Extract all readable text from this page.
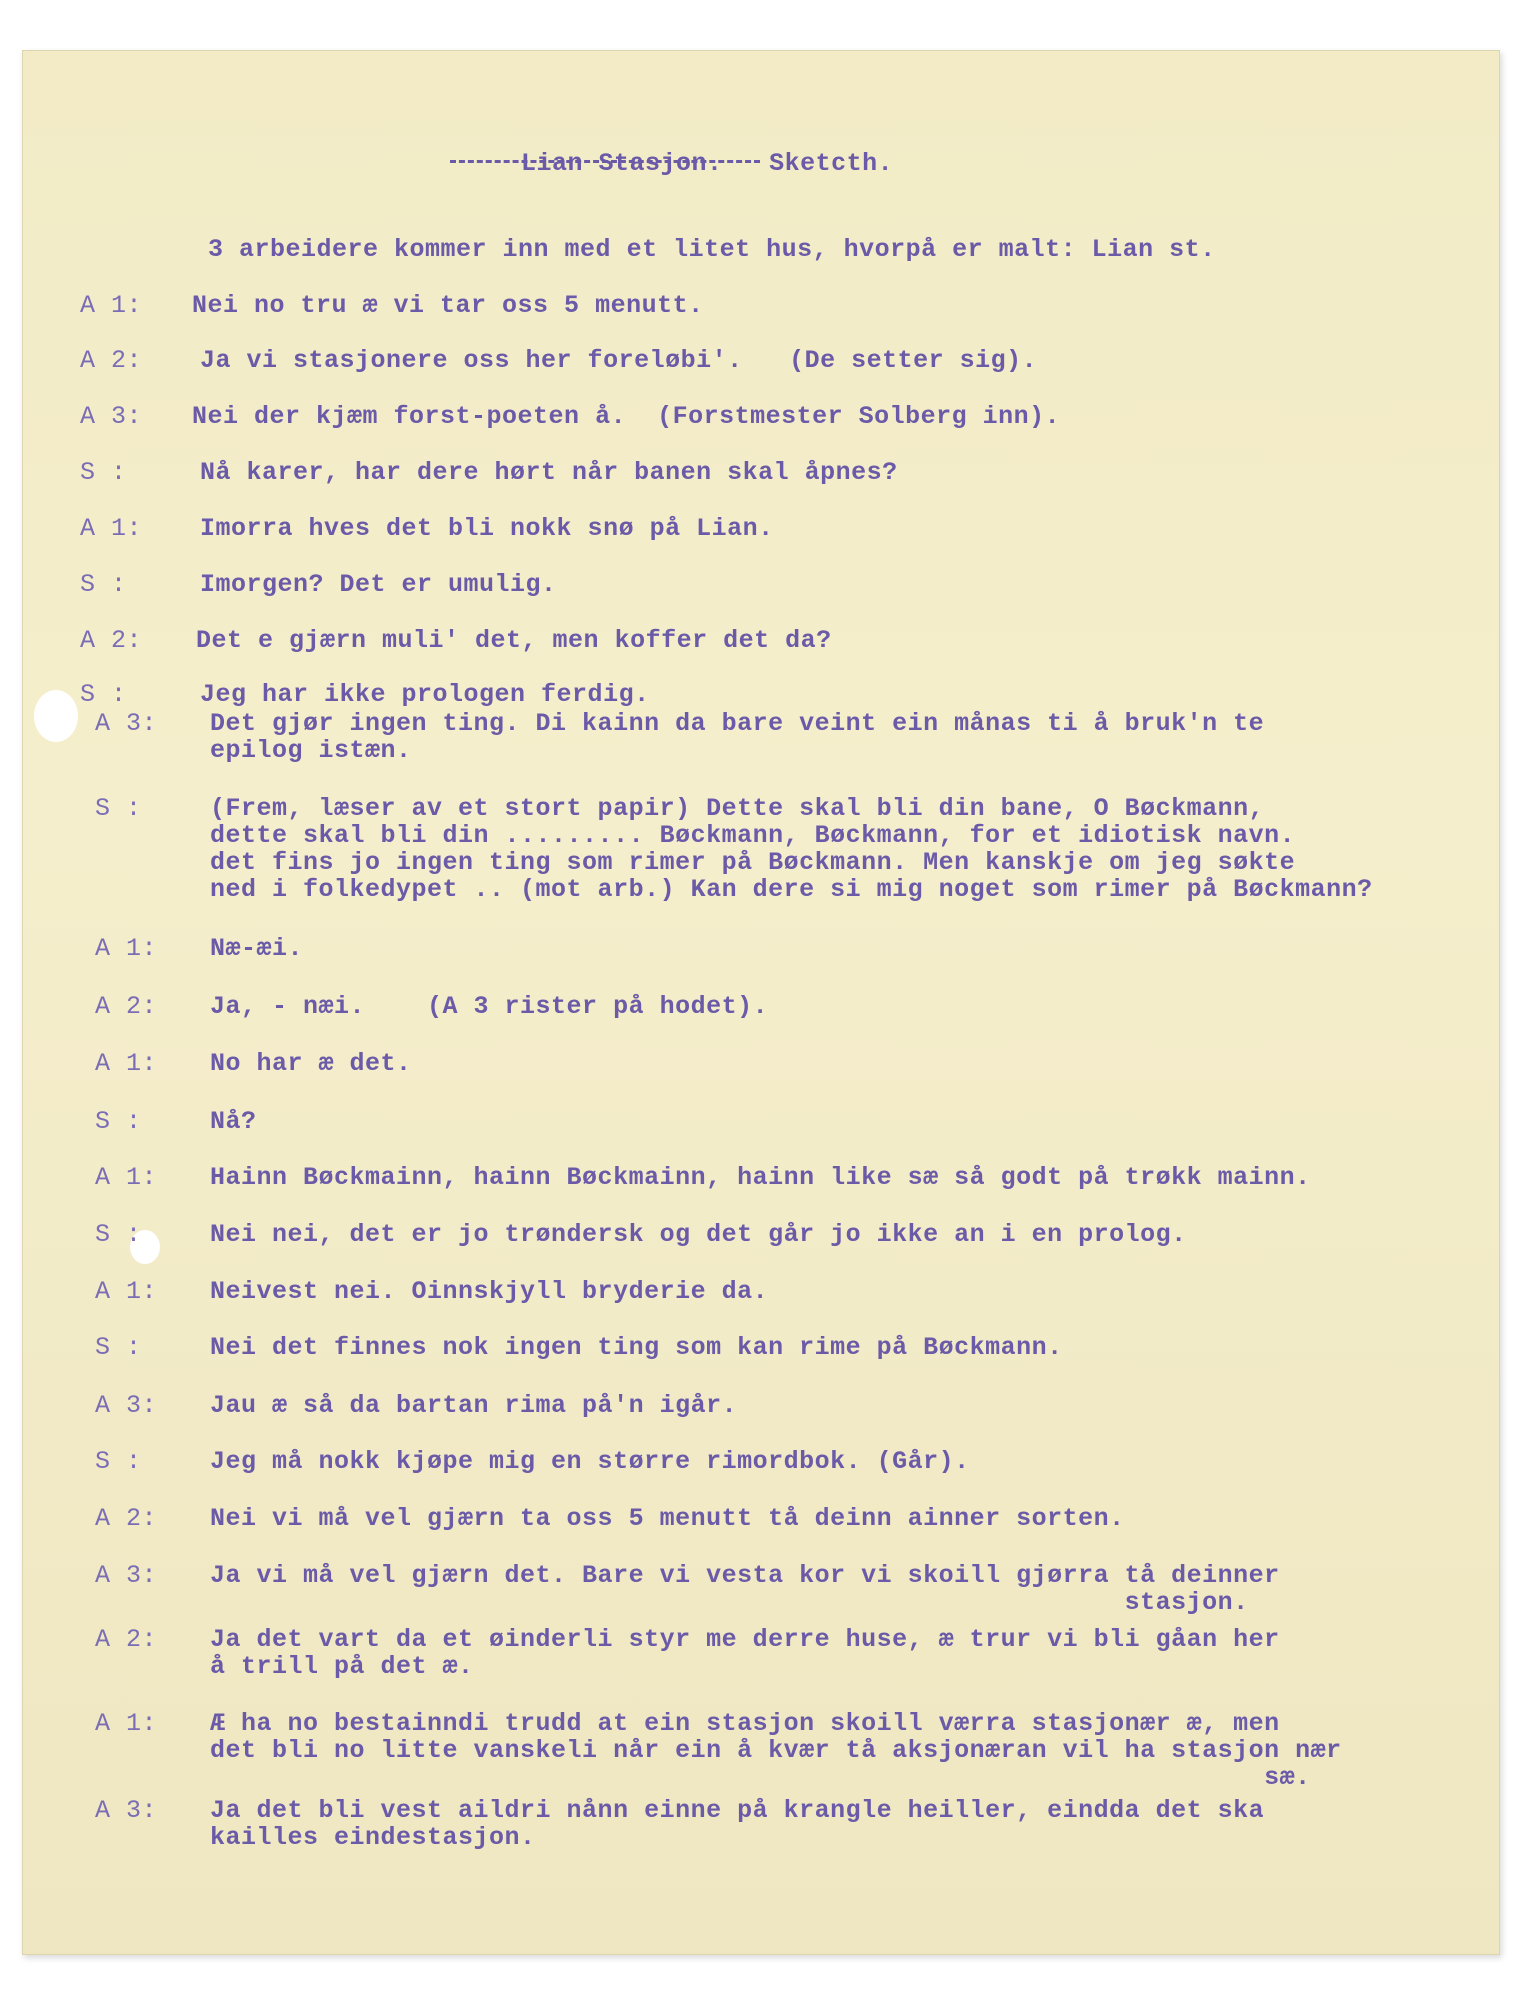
Lian Stasjon. Sketcth.

3 arbeidere kommer inn med et litet hus, hvorpå er malt: Lian st.
A 1:	Nei no tru æ vi tar oss 5 menutt.
A 2:	Ja vi stasjonere oss her foreløbi'.   (De setter sig).
A 3:	Nei der kjæm forst-poeten å.  (Forstmester Solberg inn).
S :	Nå karer, har dere hørt når banen skal åpnes?
A 1:	Imorra hves det bli nokk snø på Lian.
S :	Imorgen? Det er umulig.
A 2:	Det e gjærn muli' det, men koffer det da?
S :	Jeg har ikke prologen ferdig.
A 3:	Det gjør ingen ting. Di kainn da bare veint ein månas ti å bruk'n te
epilog istæn.
S :	(Frem, læser av et stort papir) Dette skal bli din bane, O Bøckmann,
dette skal bli din ......... Bøckmann, Bøckmann, for et idiotisk navn.
det fins jo ingen ting som rimer på Bøckmann. Men kanskje om jeg søkte
ned i folkedypet .. (mot arb.) Kan dere si mig noget som rimer på Bøckmann?
A 1:	Næ-æi.
A 2:	Ja, - næi.    (A 3 rister på hodet).
A 1:	No har æ det.
S :	Nå?
A 1:	Hainn Bøckmainn, hainn Bøckmainn, hainn like sæ så godt på trøkk mainn.
S :	Nei nei, det er jo trøndersk og det går jo ikke an i en prolog.
A 1:	Neivest nei. Oinnskjyll bryderie da.
S :	Nei det finnes nok ingen ting som kan rime på Bøckmann.
A 3:	Jau æ så da bartan rima på'n igår.
S :	Jeg må nokk kjøpe mig en større rimordbok. (Går).
A 2:	Nei vi må vel gjærn ta oss 5 menutt tå deinn ainner sorten.
A 3:	Ja vi må vel gjærn det. Bare vi vesta kor vi skoill gjørra tå deinner
stasjon.
A 2:	Ja det vart da et øinderli styr me derre huse, æ trur vi bli gåan her
å trill på det æ.
A 1:	Æ ha no bestainndi trudd at ein stasjon skoill værra stasjonær æ, men
det bli no litte vanskeli når ein å kvær tå aksjonæran vil ha stasjon nær
sæ.
A 3:	Ja det bli vest aildri nånn einne på krangle heiller, eindda det ska
kailles eindestasjon.
